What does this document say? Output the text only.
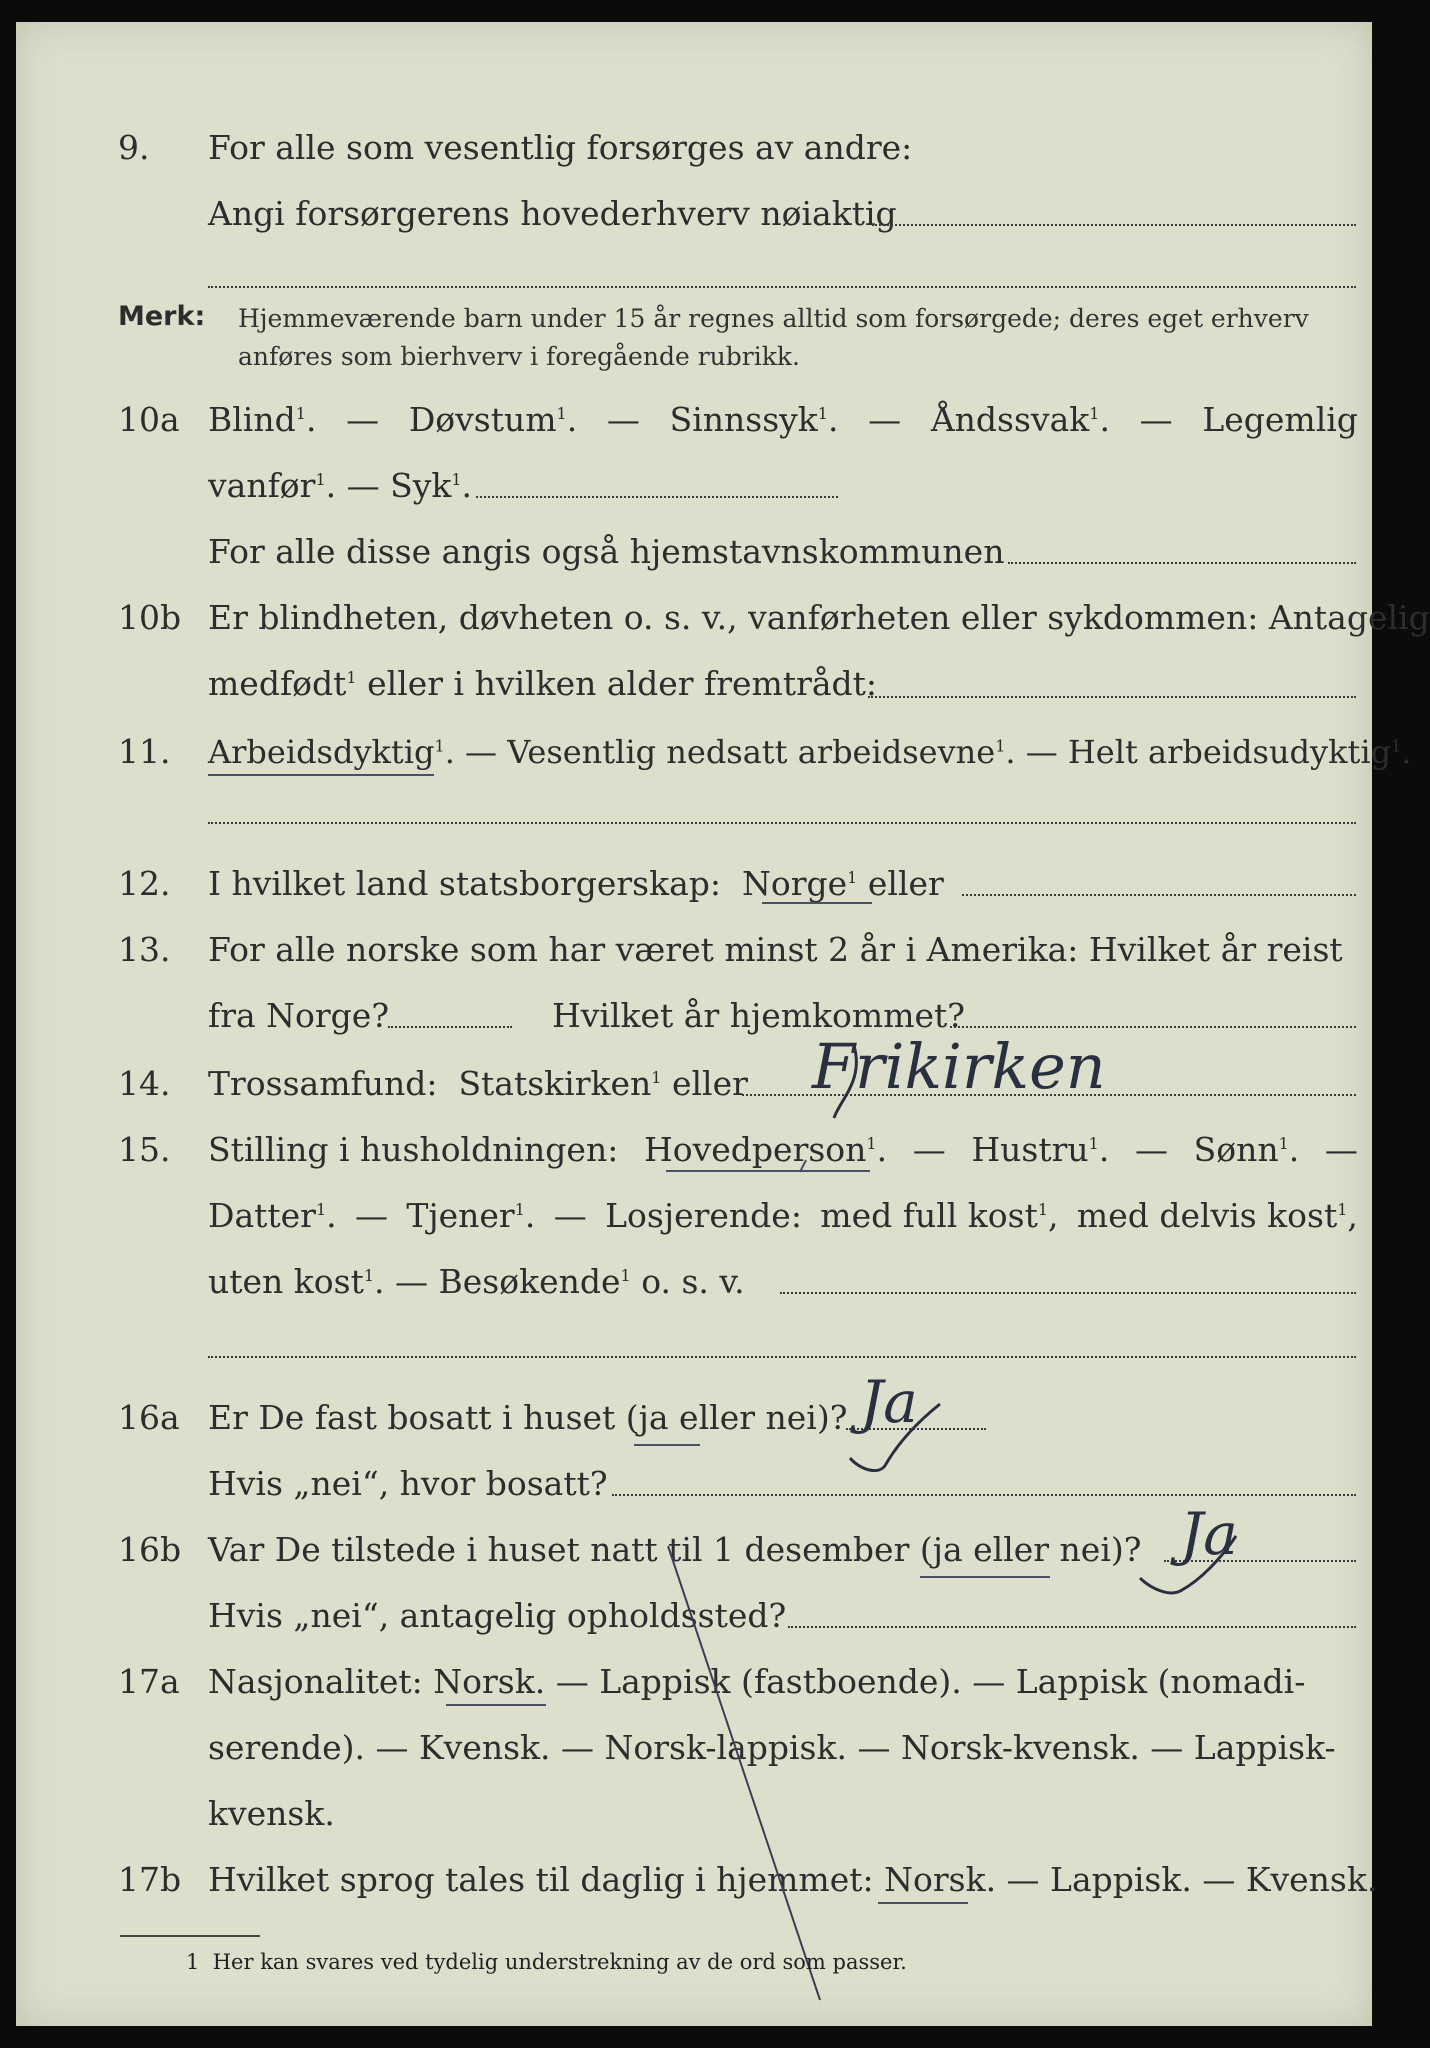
9. For alle som vesentlig forsørges av andre:
Angi forsørgerens hovederhverv nøiaktig
Merk: Hjemmeværende barn under 15 år regnes alltid som forsørgede; deres eget erhverv
anføres som bierhverv i foregående rubrikk.
10a Blind$^1$. — Døvstum$^1$. — Sinnssyk$^1$. — Åndssvak$^1$. — Legemlig
vanfør$^1$. — Syk$^1$.
For alle disse angis også hjemstavnskommunen
10b Er blindheten, døvheten o. s. v., vanførheten eller sykdommen: Antagelig
medfødt$^1$ eller i hvilken alder fremtrådt:
11. Arbeidsdyktig$^1$. — Vesentlig nedsatt arbeidsevne$^1$. — Helt arbeidsudyktig$^1$.
12. I hvilket land statsborgerskap: Norge$^1$ eller
13. For alle norske som har været minst 2 år i Amerika: Hvilket år reist
fra Norge?	Hvilket år hjemkommet?
14. Trossamfund: Statskirken$^1$ eller Frikirken
15. Stilling i husholdningen: Hovedperson$^1$. — Hustru$^1$. — Sønn$^1$. —
Datter$^1$. — Tjener$^1$. — Losjerende: med full kost$^1$, med delvis kost$^1$,
uten kost$^1$. — Besøkende$^1$ o. s. v.
16a Er De fast bosatt i huset (ja eller nei)? Ja
Hvis „nei“, hvor bosatt?
16b Var De tilstede i huset natt til 1 desember (ja eller nei)? Ja
Hvis „nei“, antagelig opholdssted?
17a Nasjonalitet: Norsk. — Lappisk (fastboende). — Lappisk (nomadi-
serende). — Kvensk. — Norsk-lappisk. — Norsk-kvensk. — Lappisk-
kvensk.
17b Hvilket sprog tales til daglig i hjemmet: Norsk. — Lappisk. — Kvensk.
1 Her kan svares ved tydelig understrekning av de ord som passer.
